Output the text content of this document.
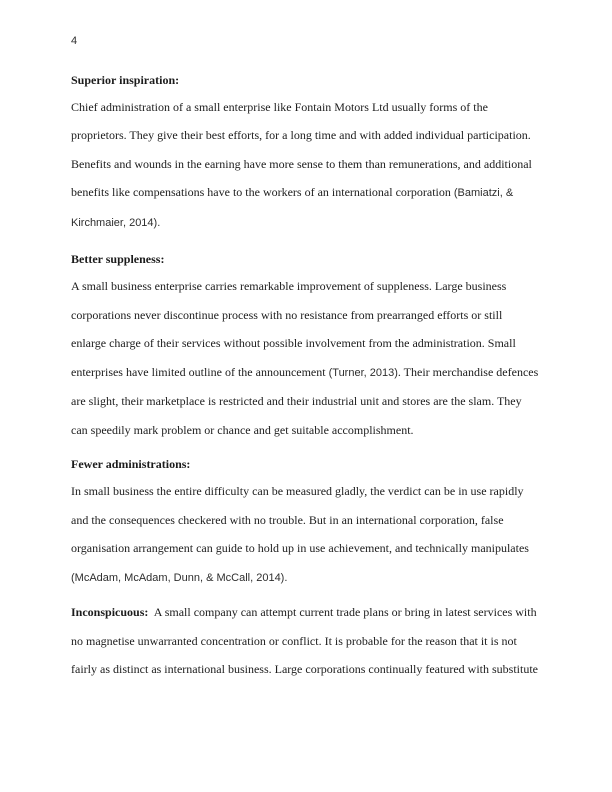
4
Superior inspiration:
Chief administration of a small enterprise like Fontain Motors Ltd usually forms of the
proprietors. They give their best efforts, for a long time and with added individual participation.
Benefits and wounds in the earning have more sense to them than remunerations, and additional
benefits like compensations have to the workers of an international corporation (Bamiatzi, &
Kirchmaier, 2014).
Better suppleness:
A small business enterprise carries remarkable improvement of suppleness. Large business
corporations never discontinue process with no resistance from prearranged efforts or still
enlarge charge of their services without possible involvement from the administration. Small
enterprises have limited outline of the announcement (Turner, 2013). Their merchandise defences
are slight, their marketplace is restricted and their industrial unit and stores are the slam. They
can speedily mark problem or chance and get suitable accomplishment.
Fewer administrations:
In small business the entire difficulty can be measured gladly, the verdict can be in use rapidly
and the consequences checkered with no trouble. But in an international corporation, false
organisation arrangement can guide to hold up in use achievement, and technically manipulates
(McAdam, McAdam, Dunn, & McCall, 2014).
Inconspicuous:  A small company can attempt current trade plans or bring in latest services with
no magnetise unwarranted concentration or conflict. It is probable for the reason that it is not
fairly as distinct as international business. Large corporations continually featured with substitute
